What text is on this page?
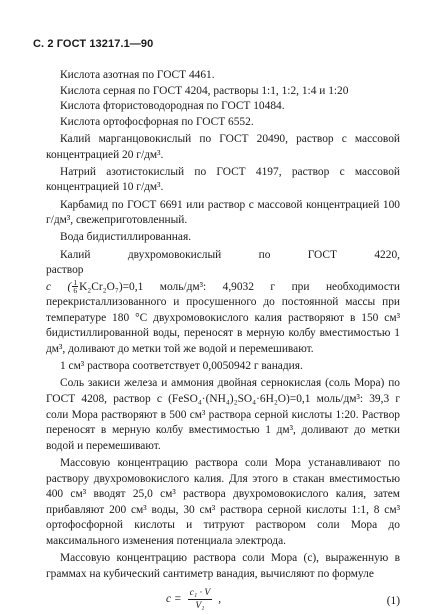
С. 2 ГОСТ 13217.1—90

Кислота азотная по ГОСТ 4461.

Кислота серная по ГОСТ 4204, растворы 1:1, 1:2, 1:4 и 1:20

Кислота фтористоводородная по ГОСТ 10484.

Кислота ортофосфорная по ГОСТ 6552.

Калий марганцовокислый по ГОСТ 20490, раствор с массовой концентрацией 20 г/дм³.

Натрий азотистокислый по ГОСТ 4197, раствор с массовой концентрацией 10 г/дм³.

Карбамид по ГОСТ 6691 или раствор с массовой концентрацией 100 г/дм³, свежеприготовленный.

Вода бидистиллированная.

Калий двухромовокислый по ГОСТ 4220, раствор

c ( $\frac{1}{6} K_2Cr_2O_7)=0,1$ моль/дм³: 4,9032 г при необходимости перекристаллизованного и просушенного до постоянной массы при температуре 180 °С двухромовокислого калия растворяют в 150 см³ бидистиллированной воды, переносят в мерную колбу вместимостью 1 дм³, доливают до метки той же водой и перемешивают.

1 см³ раствора соответствует 0,0050942 г ванадия.

Соль закиси железа и аммония двойная сернокислая (соль Мора) по ГОСТ 4208, раствор c (FeSO₄·(NH₄)₂SO₄·6H₂O)=0,1 моль/дм³: 39,3 г соли Мора растворяют в 500 см³ раствора серной кислоты 1:20. Раствор переносят в мерную колбу вместимостью 1 дм³, доливают до метки водой и перемешивают.

Массовую концентрацию раствора соли Мора устанавливают по раствору двухромовокислого калия. Для этого в стакан вместимостью 400 см³ вводят 25,0 см³ раствора двухромовокислого калия, затем прибавляют 200 см³ воды, 30 см³ раствора серной кислоты 1:1, 8 см³ ортофосфорной кислоты и титруют раствором соли Мора до максимального изменения потенциала электрода.

Массовую концентрацию раствора соли Мора (c), выраженную в граммах на кубический сантиметр ванадия, вычисляют по формуле

$c = \frac{\text{c₁ · V}}{\text{V₁}}$ ,	(1)
